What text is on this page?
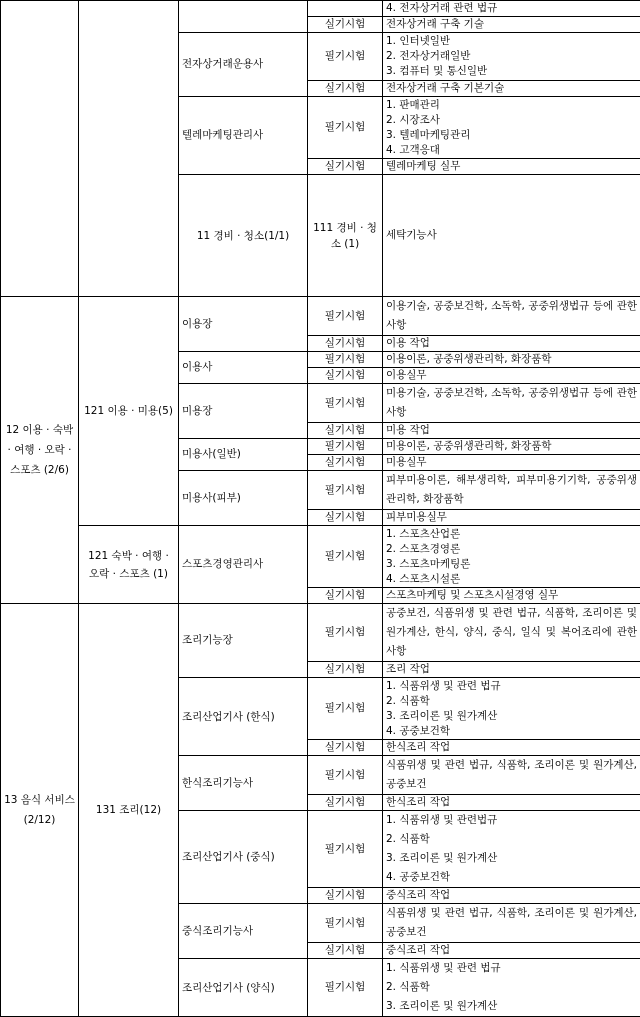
				4. 전자상거래 관련 법규	

			실기시험	전자상거래 구축 기술	

		전자상거래운용사	필기시험	1. 인터넷일반
2. 전자상거래일반
3. 컴퓨터 및 통신일반	

			실기시험	전자상거래 구축 기본기술	

		텔레마케팅관리사	필기시험	1. 판매관리
2. 시장조사
3. 텔레마케팅관리
4. 고객응대	

			실기시험	텔레마케팅 실무	

		11 경비 · 청소(1/1)	111 경비 · 청소 (1)	세탁기능사		

12 이용 · 숙박 · 여행 · 오락 · 스포츠 (2/6)	121 이용 · 미용(5)	이용장	필기시험	이용기술, 공중보건학, 소독학, 공중위생법규 등에 관한 사항	
			실기시험	이용 작업	
		이용사	필기시험	이용이론, 공중위생관리학, 화장품학	
			실기시험	이용실무	
		미용장	필기시험	미용기술, 공중보건학, 소독학, 공중위생법규 등에 관한 사항	
			실기시험	미용 작업	
		미용사(일반)	필기시험	미용이론, 공중위생관리학, 화장품학	
			실기시험	미용실무	
		미용사(피부)	필기시험	피부미용이론, 해부생리학, 피부미용기기학, 공중위생관리학, 화장품학	
			실기시험	피부미용실무	
	121 숙박 · 여행 · 오락 · 스포츠 (1)	스포츠경영관리사	필기시험	1. 스포츠산업론
2. 스포츠경영론
3. 스포츠마케팅론
4. 스포츠시설론	

			실기시험	스포츠마케팅 및 스포츠시설경영 실무	
13 음식 서비스 (2/12)	131 조리(12)	조리기능장	필기시험	공중보건, 식품위생 및 관련 법규, 식품학, 조리이론 및 원가계산, 한식, 양식, 중식, 일식 및 복어조리에 관한 사항	
			실기시험	조리 작업	
		조리산업기사 (한식)	필기시험	1. 식품위생 및 관련 법규
2. 식품학
3. 조리이론 및 원가계산
4. 공중보건학	

			실기시험	한식조리 작업	
		한식조리기능사	필기시험	식품위생 및 관련 법규, 식품학, 조리이론 및 원가계산, 공중보건	
			실기시험	한식조리 작업	
		조리산업기사 (중식)	필기시험	1. 식품위생 및 관련법규
2. 식품학
3. 조리이론 및 원가계산
4. 공중보건학	

			실기시험	중식조리 작업	
		중식조리기능사	필기시험	식품위생 및 관련 법규, 식품학, 조리이론 및 원가계산, 공중보건	
			실기시험	중식조리 작업	
		조리산업기사 (양식)	필기시험	1. 식품위생 및 관련 법규
2. 식품학
3. 조리이론 및 원가계산	
